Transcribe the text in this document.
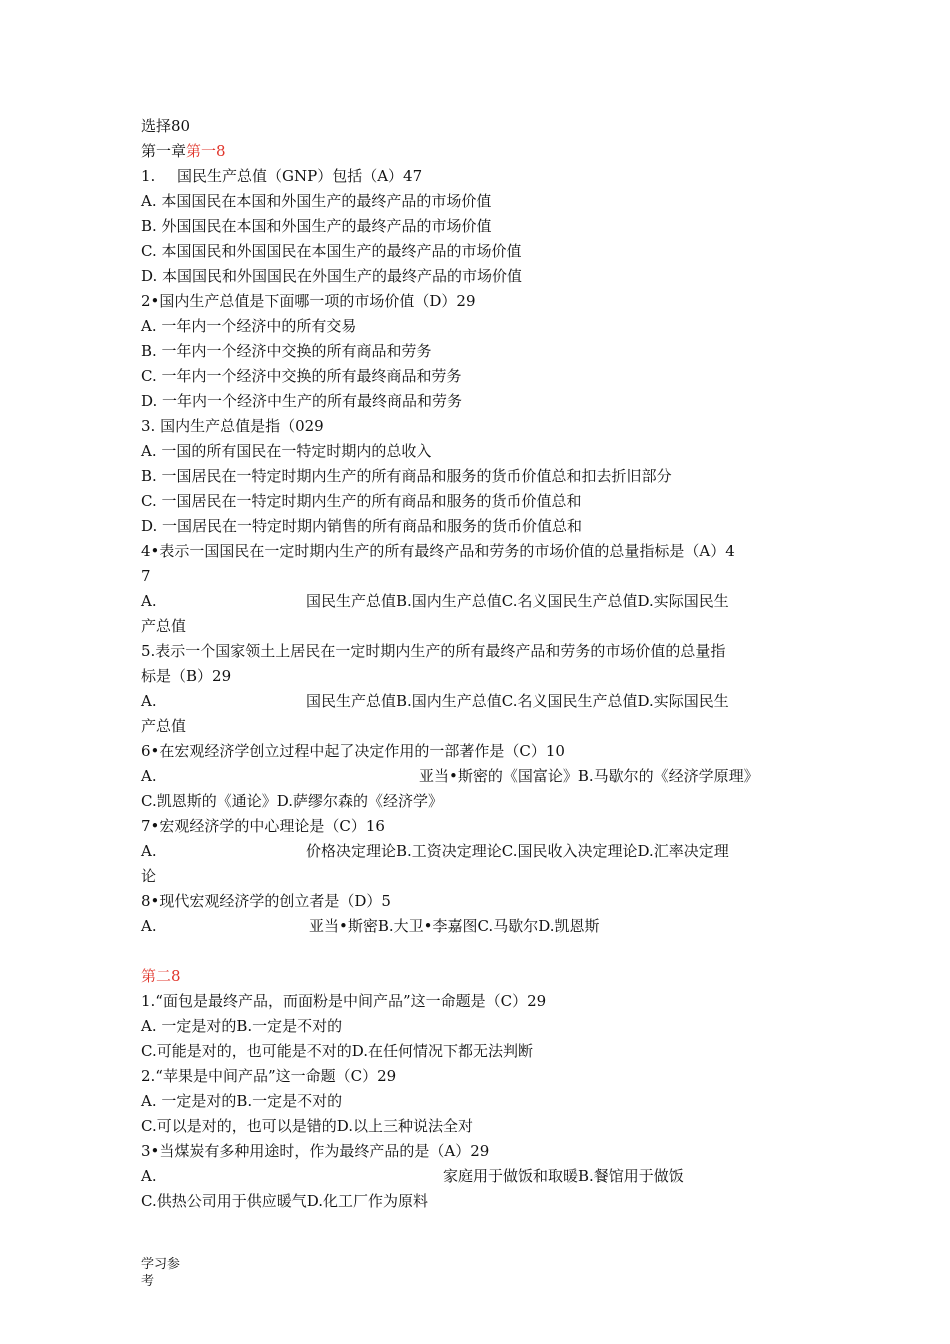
选择80
第一章第一8
1. 国民生产总值（GNP）包括（A）47
A. 本国国民在本国和外国生产的最终产品的市场价值
B. 外国国民在本国和外国生产的最终产品的市场价值
C. 本国国民和外国国民在本国生产的最终产品的市场价值
D. 本国国民和外国国民在外国生产的最终产品的市场价值
2•国内生产总值是下面哪一项的市场价值（D）29
A. 一年内一个经济中的所有交易
B. 一年内一个经济中交换的所有商品和劳务
C. 一年内一个经济中交换的所有最终商品和劳务
D. 一年内一个经济中生产的所有最终商品和劳务
3. 国内生产总值是指（029
A. 一国的所有国民在一特定时期内的总收入
B. 一国居民在一特定时期内生产的所有商品和服务的货币价值总和扣去折旧部分
C. 一国居民在一特定时期内生产的所有商品和服务的货币价值总和
D. 一国居民在一特定时期内销售的所有商品和服务的货币价值总和
4•表示一国国民在一定时期内生产的所有最终产品和劳务的市场价值的总量指标是（A）4
7
A.	国民生产总值B.国内生产总值C.名义国民生产总值D.实际国民生
产总值
5.表示一个国家领土上居民在一定时期内生产的所有最终产品和劳务的市场价值的总量指
标是（B）29
A.	国民生产总值B.国内生产总值C.名义国民生产总值D.实际国民生
产总值
6•在宏观经济学创立过程中起了决定作用的一部著作是（C）10
A.	亚当•斯密的《国富论》B.马歇尔的《经济学原理》
C.凯恩斯的《通论》D.萨缪尔森的《经济学》
7•宏观经济学的中心理论是（C）16
A.	价格决定理论B.工资决定理论C.国民收入决定理论D.汇率决定理
论
8•现代宏观经济学的创立者是（D）5
A.	亚当•斯密B.大卫•李嘉图C.马歇尔D.凯恩斯
第二8
1.“面包是最终产品，而面粉是中间产品”这一命题是（C）29
A. 一定是对的B.一定是不对的
C.可能是对的，也可能是不对的D.在任何情况下都无法判断
2.“苹果是中间产品”这一命题（C）29
A. 一定是对的B.一定是不对的
C.可以是对的，也可以是错的D.以上三种说法全对
3•当煤炭有多种用途时，作为最终产品的是（A）29
A.	家庭用于做饭和取暖B.餐馆用于做饭
C.供热公司用于供应暖气D.化工厂作为原料
学习参
考
